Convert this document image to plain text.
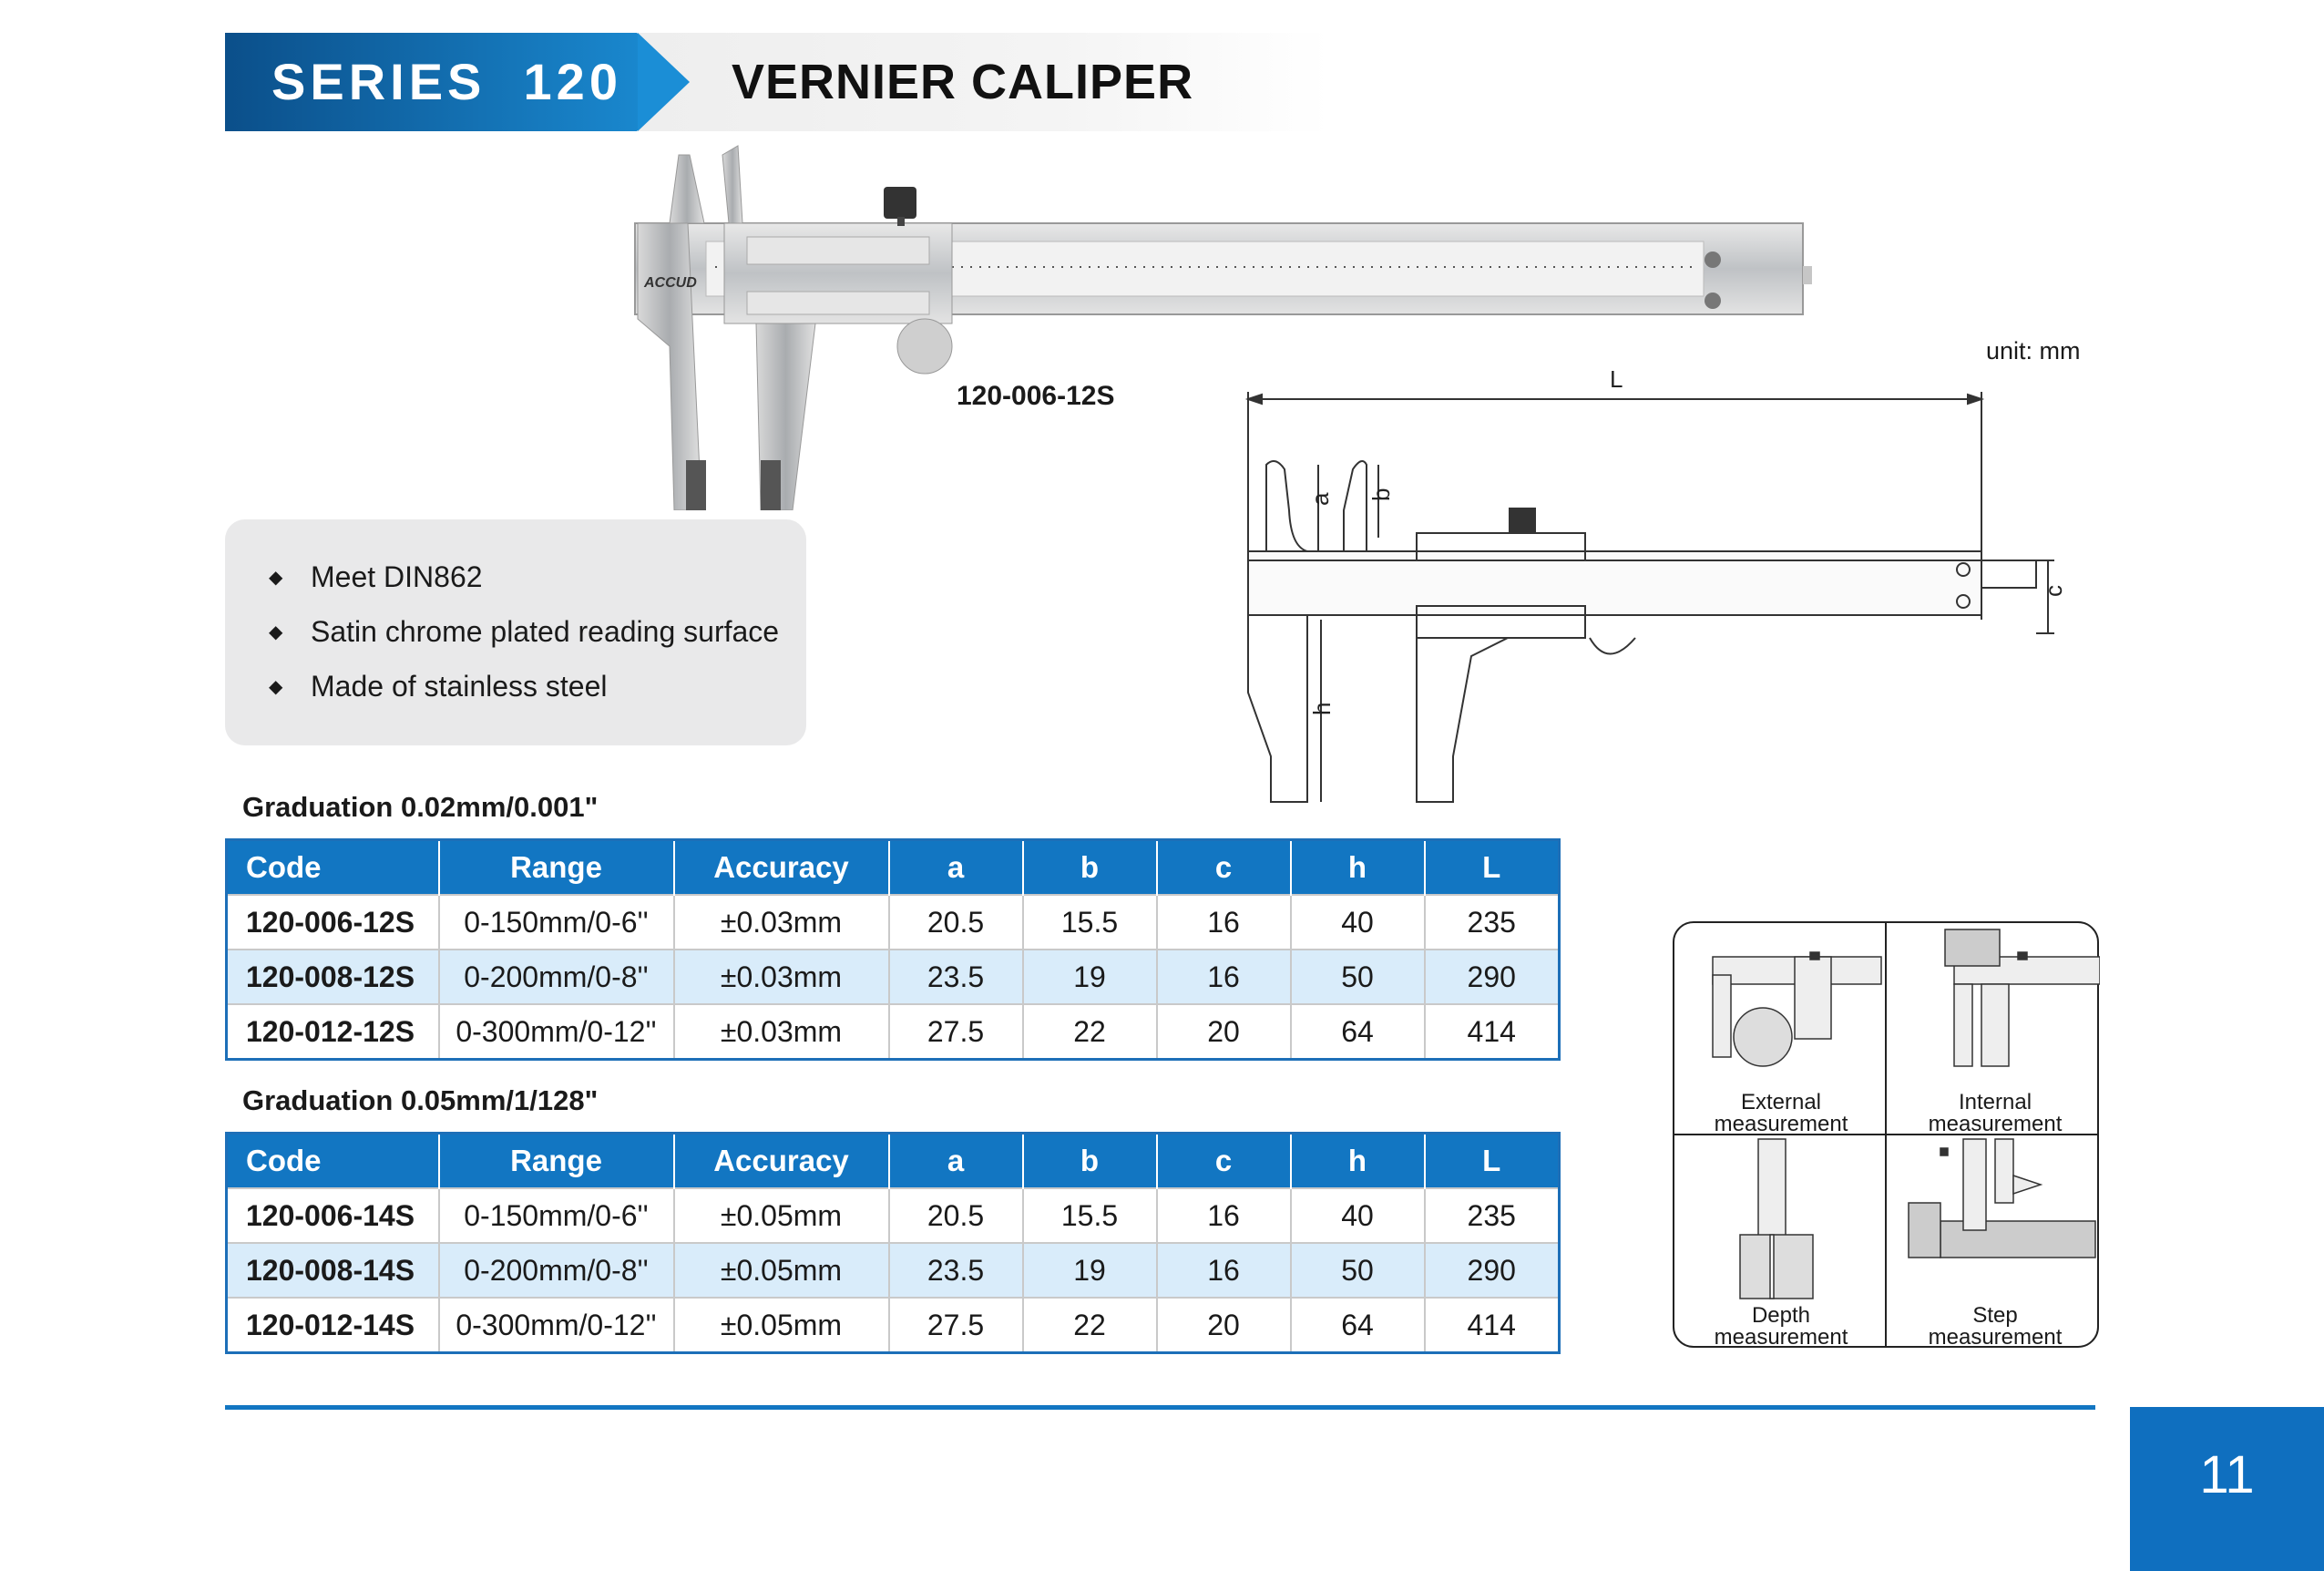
SERIES  120 VERNIER CALIPER
ACCUD
120-006-12S
◆ Meet DIN862
◆ Satin chrome plated reading surface
◆ Made of stainless steel
unit: mm
L
a b
h
c
Graduation 0.02mm/0.001"
Code	Range	Accuracy	a	b	c	h	L
120-006-12S	0-150mm/0-6''	±0.03mm	20.5	15.5	16	40	235
120-008-12S	0-200mm/0-8''	±0.03mm	23.5	19	16	50	290
120-012-12S	0-300mm/0-12''	±0.03mm	27.5	22	20	64	414
Graduation 0.05mm/1/128"
Code	Range	Accuracy	a	b	c	h	L
120-006-14S	0-150mm/0-6''	±0.05mm	20.5	15.5	16	40	235
120-008-14S	0-200mm/0-8''	±0.05mm	23.5	19	16	50	290
120-012-14S	0-300mm/0-12''	±0.05mm	27.5	22	20	64	414
External
measurement
Internal
measurement
Depth
measurement
Step
measurement
11
